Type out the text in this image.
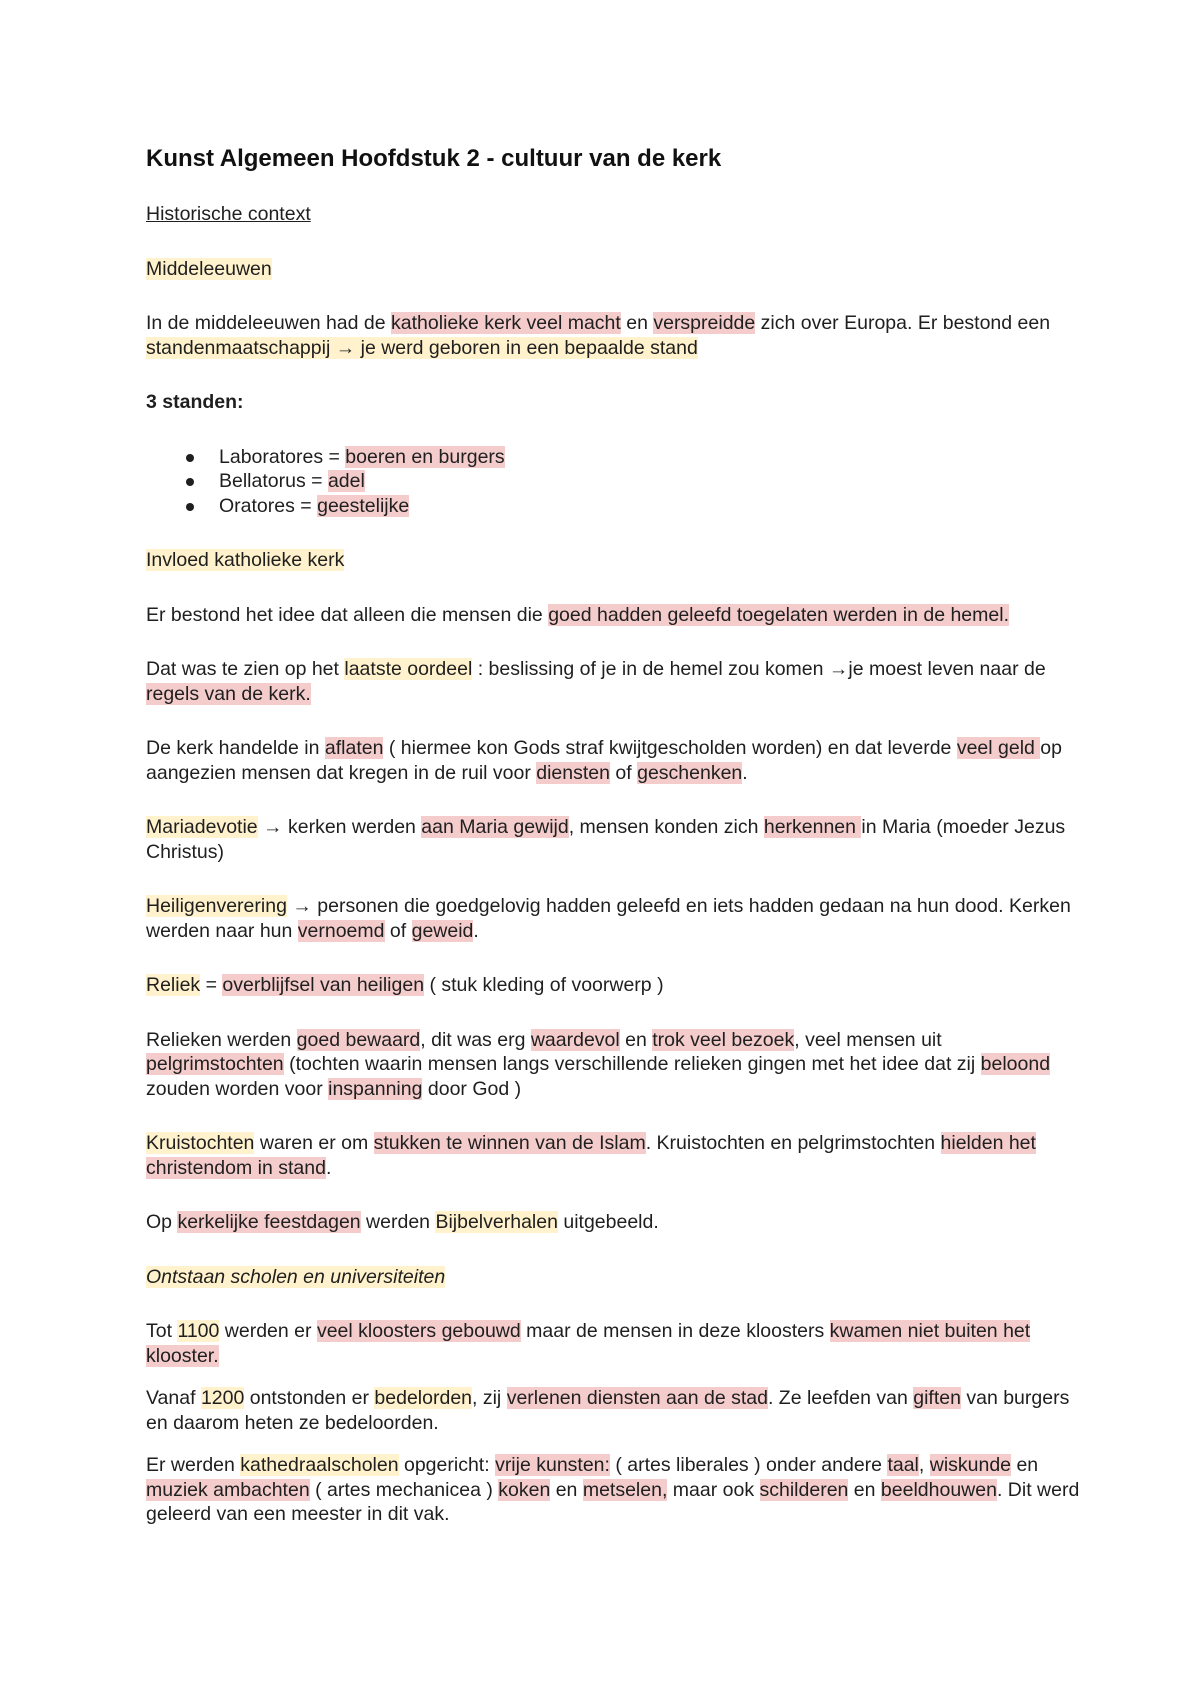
Kunst Algemeen Hoofdstuk 2 - cultuur van de kerk

Historische context

Middeleeuwen

In de middeleeuwen had de katholieke kerk veel macht en verspreidde zich over Europa. Er bestond een standenmaatschappij → je werd geboren in een bepaalde stand

3 standen:

Laboratores = boeren en burgers
Bellatorus = adel
Oratores = geestelijke

Invloed katholieke kerk

Er bestond het idee dat alleen die mensen die goed hadden geleefd toegelaten werden in de hemel.

Dat was te zien op het laatste oordeel : beslissing of je in de hemel zou komen →je moest leven naar de regels van de kerk.

De kerk handelde in aflaten ( hiermee kon Gods straf kwijtgescholden worden) en dat leverde veel geld op aangezien mensen dat kregen in de ruil voor diensten of geschenken.

Mariadevotie → kerken werden aan Maria gewijd, mensen konden zich herkennen in Maria (moeder Jezus Christus)

Heiligenverering → personen die goedgelovig hadden geleefd en iets hadden gedaan na hun dood. Kerken werden naar hun vernoemd of geweid.

Reliek = overblijfsel van heiligen ( stuk kleding of voorwerp )

Relieken werden goed bewaard, dit was erg waardevol en trok veel bezoek, veel mensen uit pelgrimstochten (tochten waarin mensen langs verschillende relieken gingen met het idee dat zij beloond zouden worden voor inspanning door God )

Kruistochten waren er om stukken te winnen van de Islam. Kruistochten en pelgrimstochten hielden het christendom in stand.

Op kerkelijke feestdagen werden Bijbelverhalen uitgebeeld.

Ontstaan scholen en universiteiten

Tot 1100 werden er veel kloosters gebouwd maar de mensen in deze kloosters kwamen niet buiten het klooster.

Vanaf 1200 ontstonden er bedelorden, zij verlenen diensten aan de stad. Ze leefden van giften van burgers en daarom heten ze bedeloorden.

Er werden kathedraalscholen opgericht: vrije kunsten: ( artes liberales ) onder andere taal, wiskunde en muziek ambachten ( artes mechanicea ) koken en metselen, maar ook schilderen en beeldhouwen. Dit werd geleerd van een meester in dit vak.
